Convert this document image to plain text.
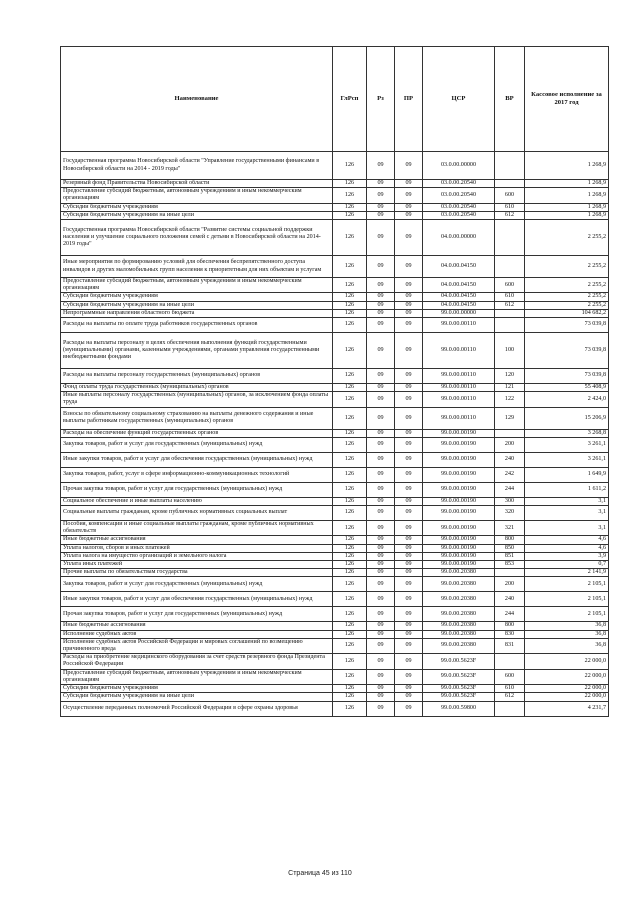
Наименование	ГлРсп	Рз	ПР	ЦСР	ВР	Кассовое исполнение за 2017 год
Государственная программа Новосибирской области "Управление государственными финансами в Новосибирской области на 2014 - 2019 годы"	126	09	09	03.0.00.00000		1 268,9
Резервный фонд Правительства Новосибирской области	126	09	09	03.0.00.20540		1 268,9
Предоставление субсидий бюджетным, автономным учреждениям и иным некоммерческим организациям	126	09	09	03.0.00.20540	600	1 268,9
Субсидии бюджетным учреждениям	126	09	09	03.0.00.20540	610	1 268,9
Субсидии бюджетным учреждениям на иные цели	126	09	09	03.0.00.20540	612	1 268,9
Государственная программа Новосибирской области "Развитие системы социальной поддержки населения и улучшение социального положения семей с детьми в Новосибирской области на 2014-2019 годы"	126	09	09	04.0.00.00000		2 255,2
Иные мероприятия по формированию условий для обеспечения беспрепятственного доступа инвалидов и других маломобильных групп населения к приоритетным для них объектам и услугам	126	09	09	04.0.00.04150		2 255,2
Предоставление субсидий бюджетным, автономным учреждениям и иным некоммерческим организациям	126	09	09	04.0.00.04150	600	2 255,2
Субсидии бюджетным учреждениям	126	09	09	04.0.00.04150	610	2 255,2
Субсидии бюджетным учреждениям на иные цели	126	09	09	04.0.00.04150	612	2 255,2
Непрограммные направления областного бюджета	126	09	09	99.0.00.00000		104 682,2
Расходы на выплаты по оплате труда работников государственных органов	126	09	09	99.0.00.00110		73 039,8
Расходы на выплаты персоналу в целях обеспечения выполнения функций государственными (муниципальными) органами, казенными учреждениями, органами управления государственными внебюджетными фондами	126	09	09	99.0.00.00110	100	73 039,8
Расходы на выплаты персоналу государственных (муниципальных) органов	126	09	09	99.0.00.00110	120	73 039,8
Фонд оплаты труда государственных (муниципальных) органов	126	09	09	99.0.00.00110	121	55 408,9
Иные выплаты персоналу государственных (муниципальных) органов, за исключением фонда оплаты труда	126	09	09	99.0.00.00110	122	2 424,0
Взносы по обязательному социальному страхованию на выплаты денежного содержания и иные выплаты работникам государственных (муниципальных) органов	126	09	09	99.0.00.00110	129	15 206,9
Расходы на обеспечение функций государственных органов	126	09	09	99.0.00.00190		3 268,8
Закупка товаров, работ и услуг для государственных (муниципальных) нужд	126	09	09	99.0.00.00190	200	3 261,1
Иные закупки товаров, работ и услуг для обеспечения государственных (муниципальных) нужд	126	09	09	99.0.00.00190	240	3 261,1
Закупка товаров, работ, услуг в сфере информационно-коммуникационных технологий	126	09	09	99.0.00.00190	242	1 649,9
Прочая закупка товаров, работ и услуг для государственных (муниципальных) нужд	126	09	09	99.0.00.00190	244	1 611,2
Социальное обеспечение и иные выплаты населению	126	09	09	99.0.00.00190	300	3,1
Социальные выплаты гражданам, кроме публичных нормативных социальных выплат	126	09	09	99.0.00.00190	320	3,1
Пособия, компенсации и иные социальные выплаты гражданам, кроме публичных нормативных обязательств	126	09	09	99.0.00.00190	321	3,1
Иные бюджетные ассигнования	126	09	09	99.0.00.00190	800	4,6
Уплата налогов, сборов и иных платежей	126	09	09	99.0.00.00190	850	4,6
Уплата налога на имущество организаций и земельного налога	126	09	09	99.0.00.00190	851	3,9
Уплата иных платежей	126	09	09	99.0.00.00190	853	0,7
Прочие выплаты по обязательствам государства	126	09	09	99.0.00.20380		2 141,9
Закупка товаров, работ и услуг для государственных (муниципальных) нужд	126	09	09	99.0.00.20380	200	2 105,1
Иные закупки товаров, работ и услуг для обеспечения государственных (муниципальных) нужд	126	09	09	99.0.00.20380	240	2 105,1
Прочая закупка товаров, работ и услуг для государственных (муниципальных) нужд	126	09	09	99.0.00.20380	244	2 105,1
Иные бюджетные ассигнования	126	09	09	99.0.00.20380	800	36,8
Исполнение судебных актов	126	09	09	99.0.00.20380	830	36,8
Исполнение судебных актов Российской Федерации и мировых соглашений по возмещению причиненного вреда	126	09	09	99.0.00.20380	831	36,8
Расходы на приобретение медицинского оборудования за счет средств резервного фонда Президента Российской Федерации	126	09	09	99.0.00.5623F		22 000,0
Предоставление субсидий бюджетным, автономным учреждениям и иным некоммерческим организациям	126	09	09	99.0.00.5623F	600	22 000,0
Субсидии бюджетным учреждениям	126	09	09	99.0.00.5623F	610	22 000,0
Субсидии бюджетным учреждениям на иные цели	126	09	09	99.0.00.5623F	612	22 000,0
Осуществление переданных полномочий Российской Федерации в сфере охраны здоровья	126	09	09	99.0.00.59800		4 231,7
Страница 45 из 110
